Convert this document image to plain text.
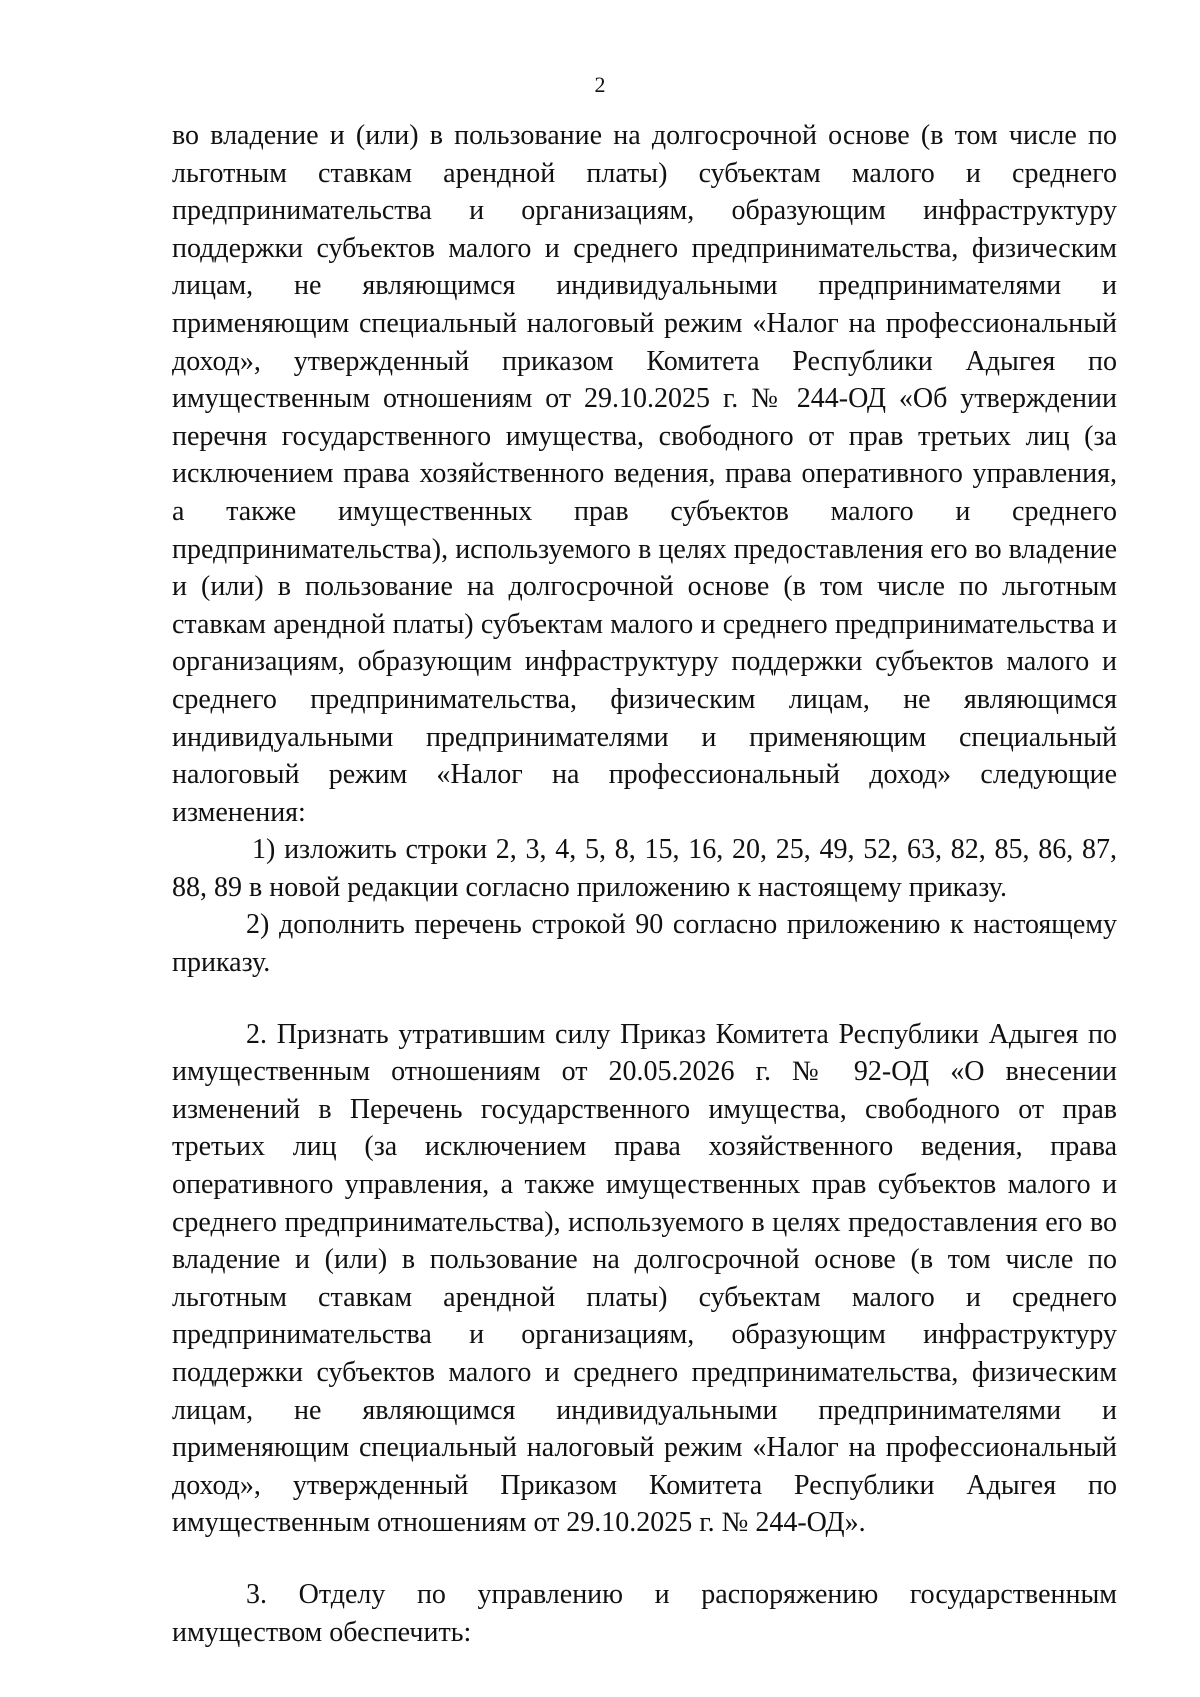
2

во владение и (или) в пользование на долгосрочной основе (в том числе по льготным ставкам арендной платы) субъектам малого и среднего предпринимательства и организациям, образующим инфраструктуру поддержки субъектов малого и среднего предпринимательства, физическим лицам, не являющимся индивидуальными предпринимателями и применяющим специальный налоговый режим «Налог на профессиональный доход», утвержденный приказом Комитета Республики Адыгея по имущественным отношениям от 29.10.2025 г. № 244-ОД «Об утверждении перечня государственного имущества, свободного от прав третьих лиц (за исключением права хозяйственного ведения, права оперативного управления, а также имущественных прав субъектов малого и среднего предпринимательства), используемого в целях предоставления его во владение и (или) в пользование на долгосрочной основе (в том числе по льготным ставкам арендной платы) субъектам малого и среднего предпринимательства и организациям, образующим инфраструктуру поддержки субъектов малого и среднего предпринимательства, физическим лицам, не являющимся индивидуальными предпринимателями и применяющим специальный налоговый режим «Налог на профессиональный доход» следующие изменения:

1) изложить строки 2, 3, 4, 5, 8, 15, 16, 20, 25, 49, 52, 63, 82, 85, 86, 87, 88, 89 в новой редакции согласно приложению к настоящему приказу.

2) дополнить перечень строкой 90 согласно приложению к настоящему приказу.

2. Признать утратившим силу Приказ Комитета Республики Адыгея по имущественным отношениям от 20.05.2026 г. № 92-ОД «О внесении изменений в Перечень государственного имущества, свободного от прав третьих лиц (за исключением права хозяйственного ведения, права оперативного управления, а также имущественных прав субъектов малого и среднего предпринимательства), используемого в целях предоставления его во владение и (или) в пользование на долгосрочной основе (в том числе по льготным ставкам арендной платы) субъектам малого и среднего предпринимательства и организациям, образующим инфраструктуру поддержки субъектов малого и среднего предпринимательства, физическим лицам, не являющимся индивидуальными предпринимателями и применяющим специальный налоговый режим «Налог на профессиональный доход», утвержденный Приказом Комитета Республики Адыгея по имущественным отношениям от 29.10.2025 г. № 244-ОД».

3. Отделу по управлению и распоряжению государственным имуществом обеспечить:
